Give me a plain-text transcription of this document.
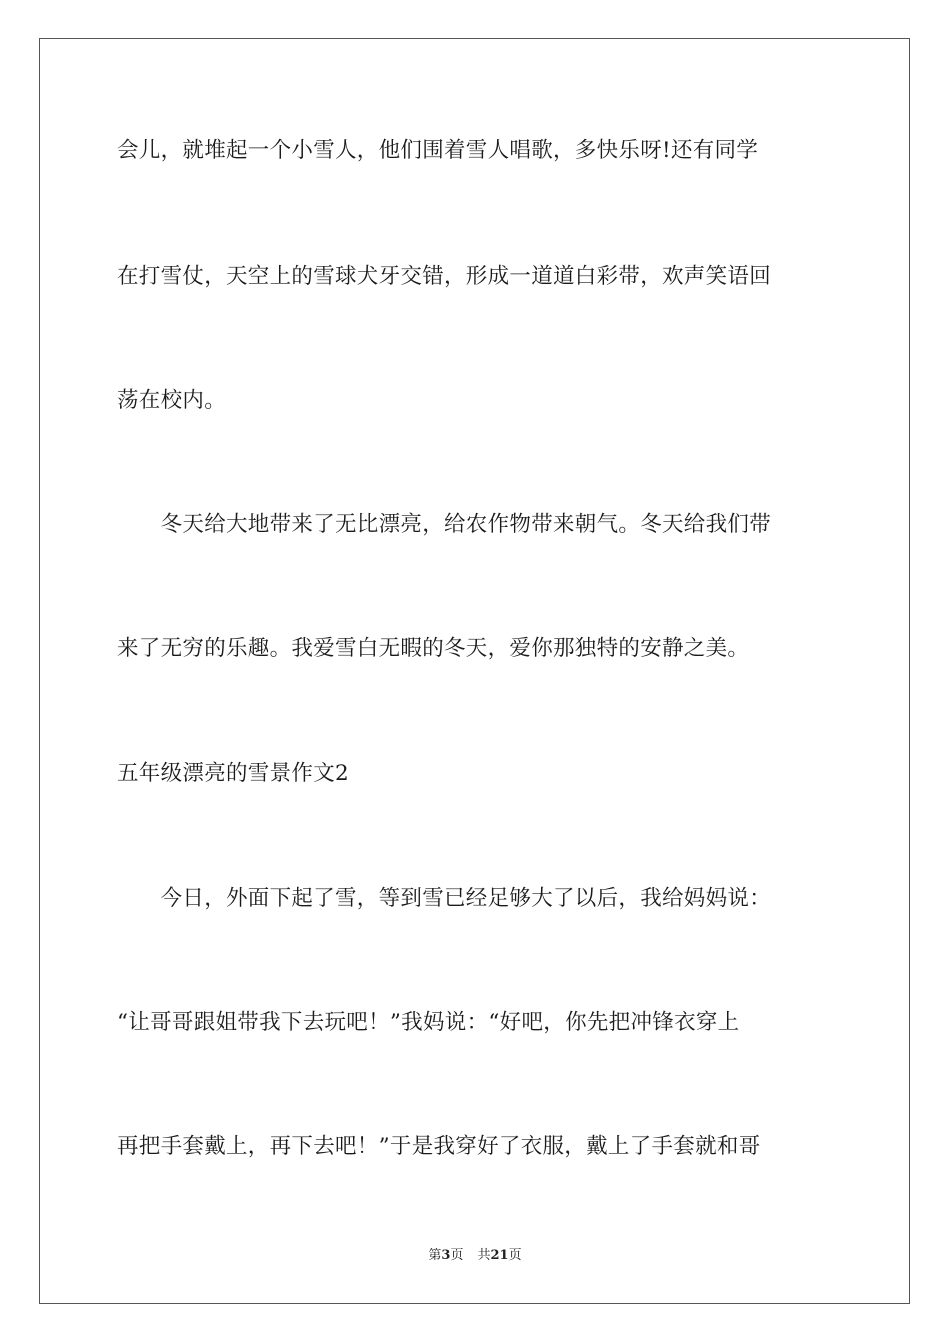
会儿，就堆起一个小雪人，他们围着雪人唱歌，多快乐呀!还有同学
在打雪仗，天空上的雪球犬牙交错，形成一道道白彩带，欢声笑语回
荡在校内。
　　冬天给大地带来了无比漂亮，给农作物带来朝气。冬天给我们带
来了无穷的乐趣。我爱雪白无暇的冬天，爱你那独特的安静之美。
五年级漂亮的雪景作文2
　　今日，外面下起了雪，等到雪已经足够大了以后，我给妈妈说：
“让哥哥跟姐带我下去玩吧！”我妈说：“好吧，你先把冲锋衣穿上
再把手套戴上，再下去吧！”于是我穿好了衣服，戴上了手套就和哥
第3页 共21页
